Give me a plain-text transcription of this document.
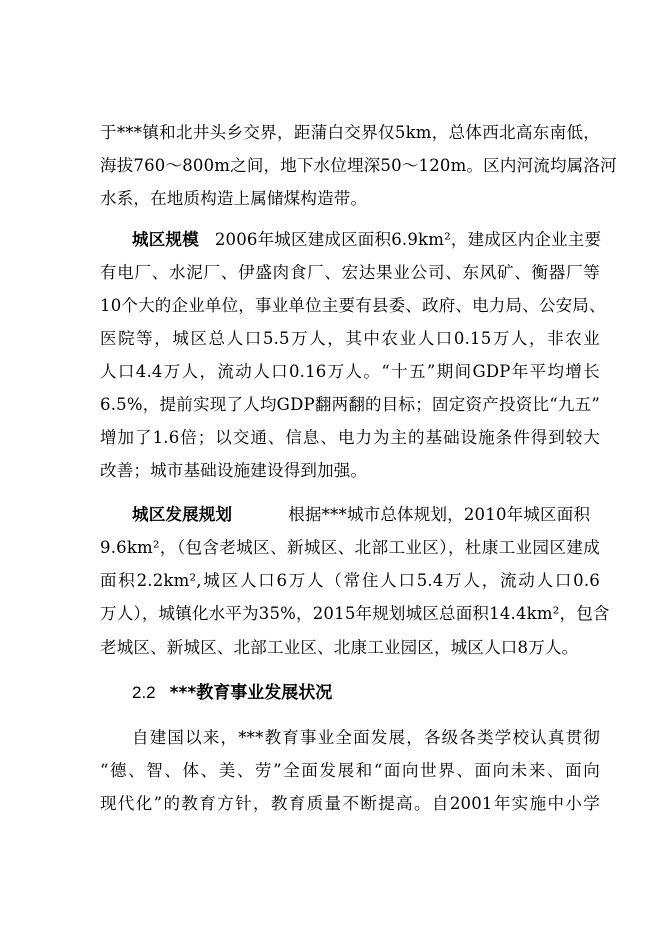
于***镇和北井头乡交界，距蒲白交界仅5km，总体西北高东南低，
海拔760～800m之间，地下水位埋深50～120m。区内河流均属洛河
水系，在地质构造上属储煤构造带。
城区规模 2006年城区建成区面积6.9km²，建成区内企业主要
有电厂、水泥厂、伊盛肉食厂、宏达果业公司、东风矿、衡器厂等
10个大的企业单位，事业单位主要有县委、政府、电力局、公安局、
医院等，城区总人口5.5万人，其中农业人口0.15万人，非农业
人口4.4万人，流动人口0.16万人。“十五”期间GDP年平均增长
6.5%，提前实现了人均GDP翻两翻的目标；固定资产投资比“九五”
增加了1.6倍；以交通、信息、电力为主的基础设施条件得到较大
改善；城市基础设施建设得到加强。
城区发展规划	根据***城市总体规划，2010年城区面积
9.6km²，（包含老城区、新城区、北部工业区），杜康工业园区建成
面积2.2km²,城区人口6万人（常住人口5.4万人，流动人口0.6
万人），城镇化水平为35%，2015年规划城区总面积14.4km²，包含
老城区、新城区、北部工业区、北康工业园区，城区人口8万人。
2.2 ***教育事业发展状况
自建国以来，***教育事业全面发展，各级各类学校认真贯彻
“德、智、体、美、劳”全面发展和“面向世界、面向未来、面向
现代化”的教育方针，教育质量不断提高。自2001年实施中小学
